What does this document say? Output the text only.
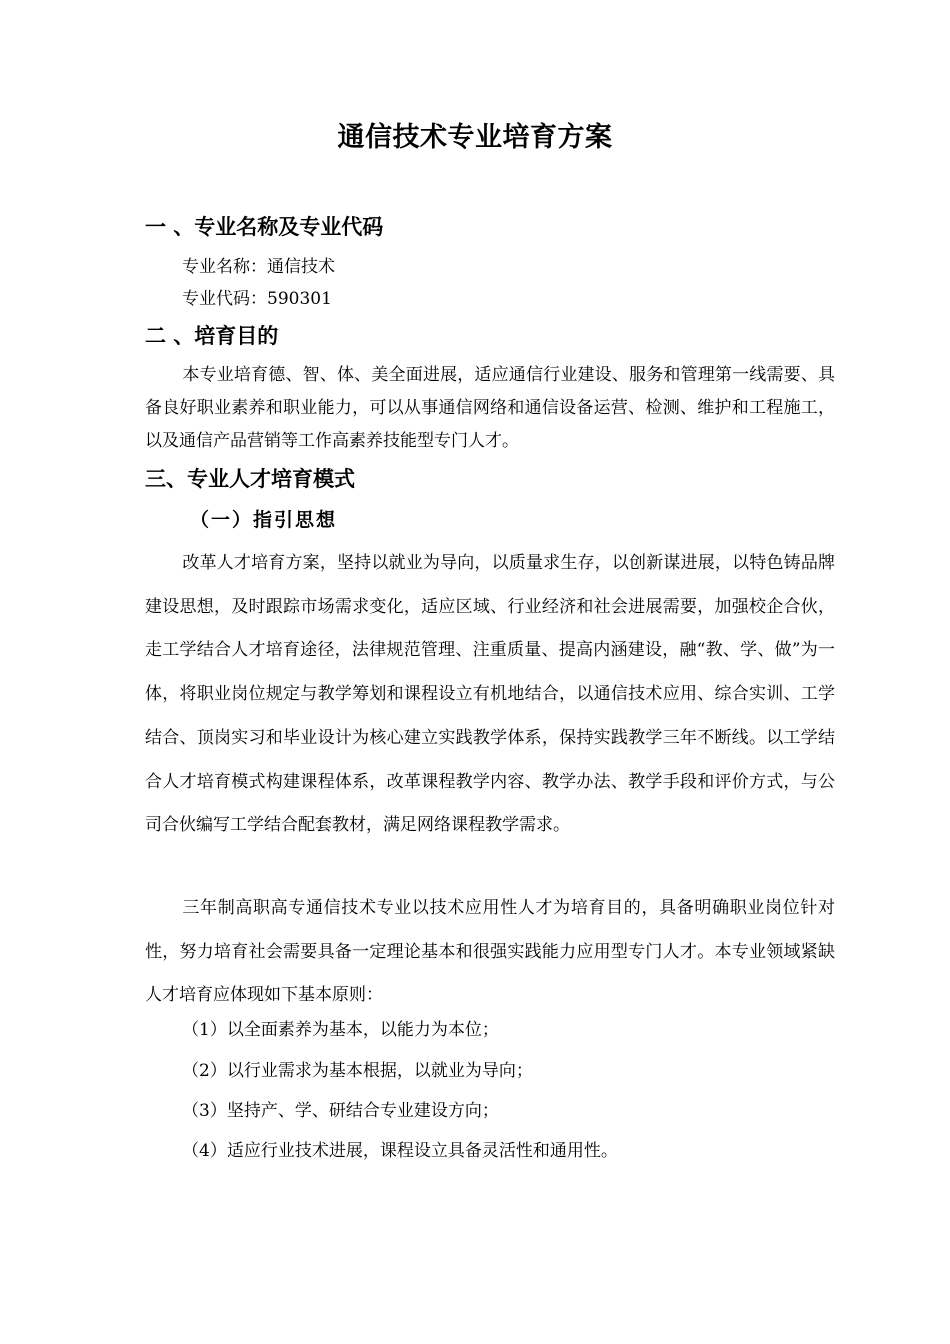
通信技术专业培育方案
一 、专业名称及专业代码

专业名称：通信技术

专业代码：590301

二 、培育目的

本专业培育德、智、体、美全面进展，适应通信行业建设、服务和管理第一线需要、具备良好职业素养和职业能力，可以从事通信网络和通信设备运营、检测、维护和工程施工，以及通信产品营销等工作高素养技能型专门人才。

三、专业人才培育模式
（一）指引思想

改革人才培育方案，坚持以就业为导向，以质量求生存，以创新谋进展，以特色铸品牌建设思想，及时跟踪市场需求变化，适应区域、行业经济和社会进展需要，加强校企合伙，走工学结合人才培育途径，法律规范管理、注重质量、提高内涵建设，融“教、学、做”为一体，将职业岗位规定与教学筹划和课程设立有机地结合，以通信技术应用、综合实训、工学结合、顶岗实习和毕业设计为核心建立实践教学体系，保持实践教学三年不断线。以工学结合人才培育模式构建课程体系，改革课程教学内容、教学办法、教学手段和评价方式，与公司合伙编写工学结合配套教材，满足网络课程教学需求。

三年制高职高专通信技术专业以技术应用性人才为培育目的，具备明确职业岗位针对性，努力培育社会需要具备一定理论基本和很强实践能力应用型专门人才。本专业领域紧缺人才培育应体现如下基本原则：

（1）以全面素养为基本，以能力为本位；

（2）以行业需求为基本根据，以就业为导向；

（3）坚持产、学、研结合专业建设方向；

（4）适应行业技术进展，课程设立具备灵活性和通用性。
